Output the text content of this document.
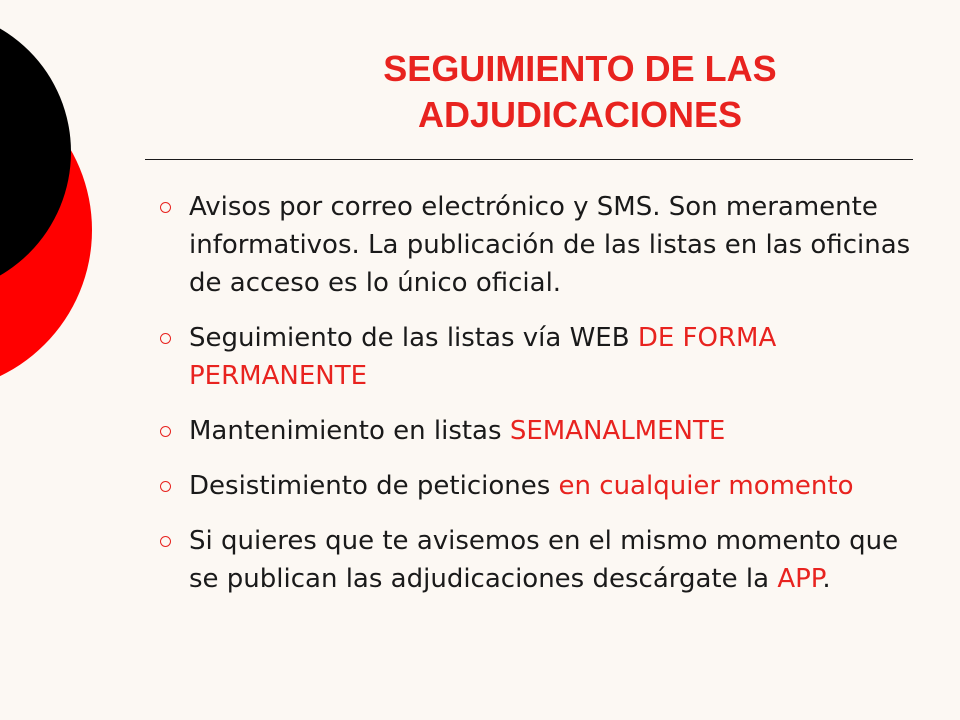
SEGUIMIENTO DE LAS
ADJUDICACIONES
Avisos por correo electrónico y SMS. Son meramente informativos. La publicación de las listas en las oficinas de acceso es lo único oficial.
Seguimiento de las listas vía WEB DE FORMA PERMANENTE
Mantenimiento en listas SEMANALMENTE
Desistimiento de peticiones en cualquier momento
Si quieres que te avisemos en el mismo momento que se publican las adjudicaciones descárgate la APP.
